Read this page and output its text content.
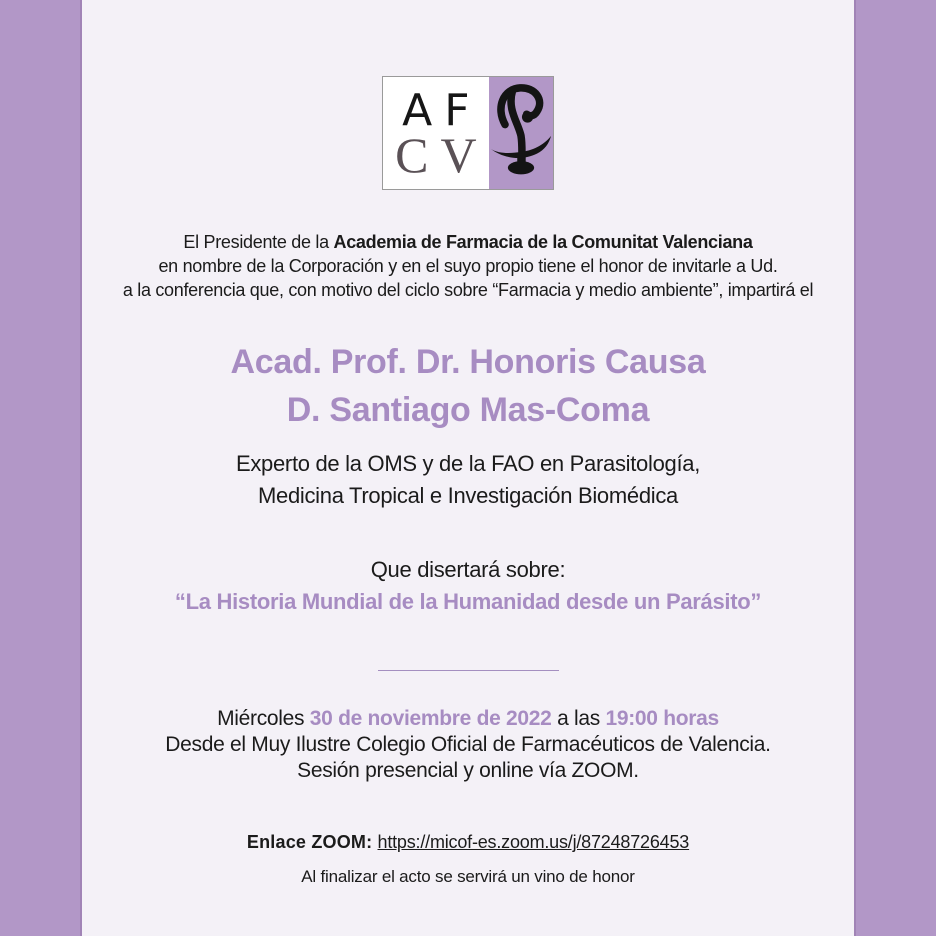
AF
CV
El Presidente de la Academia de Farmacia de la Comunitat Valenciana
en nombre de la Corporación y en el suyo propio tiene el honor de invitarle a Ud.
a la conferencia que, con motivo del ciclo sobre “Farmacia y medio ambiente”, impartirá el
Acad. Prof. Dr. Honoris Causa
D. Santiago Mas-Coma
Experto de la OMS y de la FAO en Parasitología,
Medicina Tropical e Investigación Biomédica
Que disertará sobre:
“La Historia Mundial de la Humanidad desde un Parásito”
Miércoles 30 de noviembre de 2022 a las 19:00 horas
Desde el Muy Ilustre Colegio Oficial de Farmacéuticos de Valencia.
Sesión presencial y online vía ZOOM.
Enlace ZOOM: https://micof-es.zoom.us/j/87248726453
Al finalizar el acto se servirá un vino de honor
